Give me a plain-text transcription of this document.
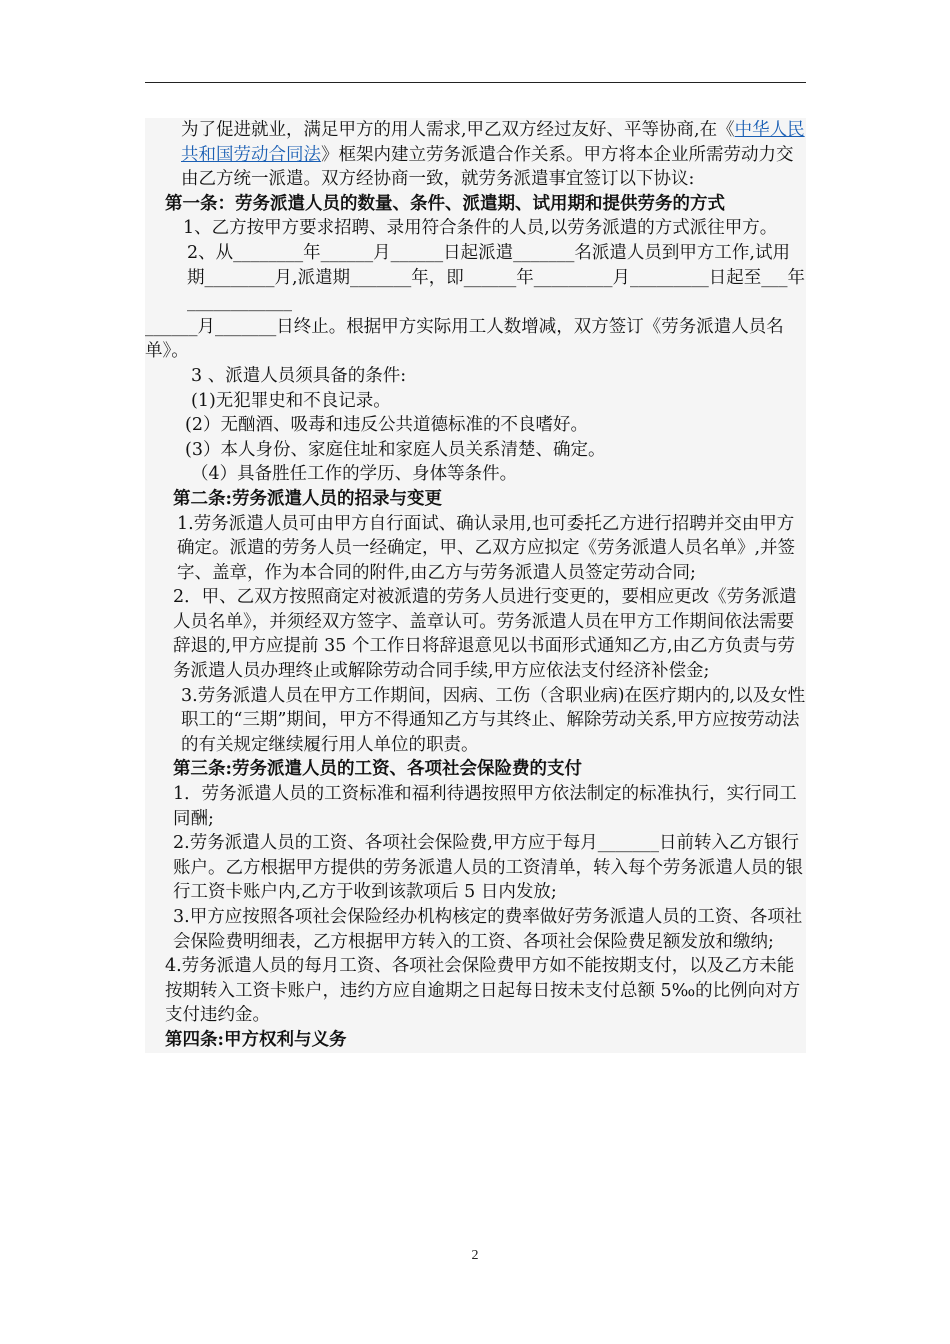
为了促进就业，满足甲方的用人需求,甲乙双方经过友好、平等协商,在《中华人民共和国劳动合同法》框架内建立劳务派遣合作关系。甲方将本企业所需劳动力交由乙方统一派遣。双方经协商一致，就劳务派遣事宜签订以下协议:

第一条：劳务派遣人员的数量、条件、派遣期、试用期和提供劳务的方式

1、乙方按甲方要求招聘、录用符合条件的人员,以劳务派遣的方式派往甲方。

2、从________年______月______日起派遣_______名派遣人员到甲方工作,试用期________月,派遣期_______年，即______年_________月_________日起至___年____________

______月_______日终止。根据甲方实际用工人数增减，双方签订《劳务派遣人员名单》。

3 、派遣人员须具备的条件:

(1)无犯罪史和不良记录。

(2）无酗酒、吸毒和违反公共道德标准的不良嗜好。

(3）本人身份、家庭住址和家庭人员关系清楚、确定。

（4）具备胜任工作的学历、身体等条件。

第二条:劳务派遣人员的招录与变更

1.劳务派遣人员可由甲方自行面试、确认录用,也可委托乙方进行招聘并交由甲方确定。派遣的劳务人员一经确定，甲、乙双方应拟定《劳务派遣人员名单》,并签字、盖章，作为本合同的附件,由乙方与劳务派遣人员签定劳动合同;

2．甲、乙双方按照商定对被派遣的劳务人员进行变更的，要相应更改《劳务派遣人员名单》，并须经双方签字、盖章认可。劳务派遣人员在甲方工作期间依法需要辞退的,甲方应提前 35 个工作日将辞退意见以书面形式通知乙方,由乙方负责与劳务派遣人员办理终止或解除劳动合同手续,甲方应依法支付经济补偿金;

3.劳务派遣人员在甲方工作期间，因病、工伤（含职业病)在医疗期内的,以及女性职工的“三期”期间，甲方不得通知乙方与其终止、解除劳动关系,甲方应按劳动法的有关规定继续履行用人单位的职责。

第三条:劳务派遣人员的工资、各项社会保险费的支付

1．劳务派遣人员的工资标准和福利待遇按照甲方依法制定的标准执行，实行同工同酬;

2.劳务派遣人员的工资、各项社会保险费,甲方应于每月_______日前转入乙方银行账户。乙方根据甲方提供的劳务派遣人员的工资清单，转入每个劳务派遣人员的银行工资卡账户内,乙方于收到该款项后 5 日内发放;

3.甲方应按照各项社会保险经办机构核定的费率做好劳务派遣人员的工资、各项社会保险费明细表，乙方根据甲方转入的工资、各项社会保险费足额发放和缴纳;

4.劳务派遣人员的每月工资、各项社会保险费甲方如不能按期支付，以及乙方未能按期转入工资卡账户，违约方应自逾期之日起每日按未支付总额 5‰的比例向对方支付违约金。

第四条:甲方权利与义务

2
